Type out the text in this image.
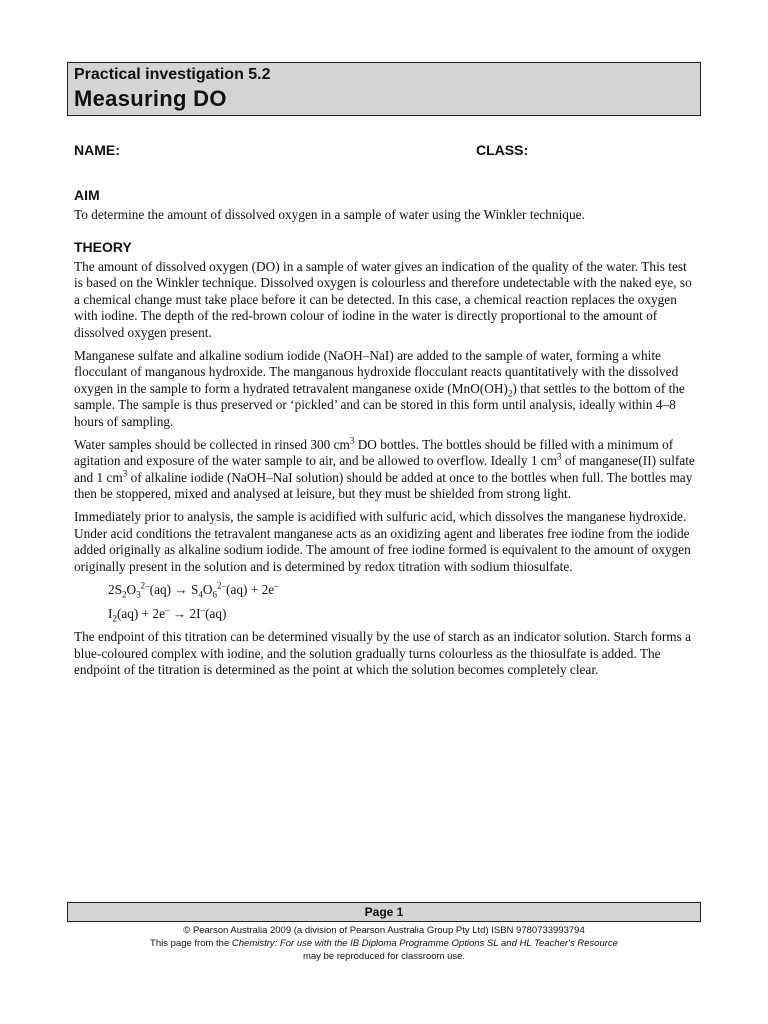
Practical investigation 5.2
Measuring DO
NAME:	CLASS:
AIM

To determine the amount of dissolved oxygen in a sample of water using the Winkler technique.

THEORY

The amount of dissolved oxygen (DO) in a sample of water gives an indication of the quality of the water. This test is based on the Winkler technique. Dissolved oxygen is colourless and therefore undetectable with the naked eye, so a chemical change must take place before it can be detected. In this case, a chemical reaction replaces the oxygen with iodine. The depth of the red-brown colour of iodine in the water is directly proportional to the amount of dissolved oxygen present.

Manganese sulfate and alkaline sodium iodide (NaOH–NaI) are added to the sample of water, forming a white flocculant of manganous hydroxide. The manganous hydroxide flocculant reacts quantitatively with the dissolved oxygen in the sample to form a hydrated tetravalent manganese oxide $(MnO(OH)_2)$ that settles to the bottom of the sample. The sample is thus preserved or ‘pickled’ and can be stored in this form until analysis, ideally within 4–8 hours of sampling.

Water samples should be collected in rinsed 300 $cm^3$ DO bottles. The bottles should be filled with a minimum of agitation and exposure of the water sample to air, and be allowed to overflow. Ideally 1 $cm^3$ of manganese(II) sulfate and 1 $cm^3$ of alkaline iodide (NaOH–NaI solution) should be added at once to the bottles when full. The bottles may then be stoppered, mixed and analysed at leisure, but they must be shielded from strong light.

Immediately prior to analysis, the sample is acidified with sulfuric acid, which dissolves the manganese hydroxide. Under acid conditions the tetravalent manganese acts as an oxidizing agent and liberates free iodine from the iodide added originally as alkaline sodium iodide. The amount of free iodine formed is equivalent to the amount of oxygen originally present in the solution and is determined by redox titration with sodium thiosulfate.

$2S_2O_3^{2-}(aq) \to S_4O_6^{2-}(aq) + 2e^-$
$I_2(aq) + 2e^- \to 2I^-(aq)$

The endpoint of this titration can be determined visually by the use of starch as an indicator solution. Starch forms a blue-coloured complex with iodine, and the solution gradually turns colourless as the thiosulfate is added. The endpoint of the titration is determined as the point at which the solution becomes completely clear.

Page 1
© Pearson Australia 2009 (a division of Pearson Australia Group Pty Ltd) ISBN 9780733993794
This page from the Chemistry: For use with the IB Diploma Programme Options SL and HL Teacher's Resource
may be reproduced for classroom use.
